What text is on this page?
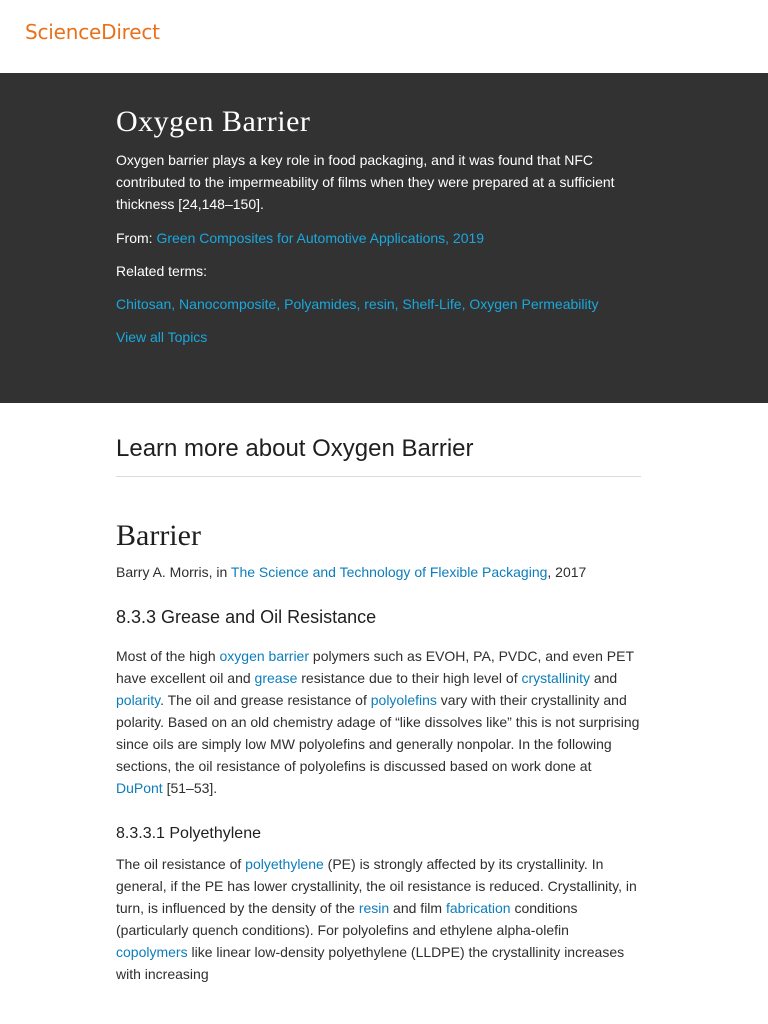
ScienceDirect
Oxygen Barrier

Oxygen barrier plays a key role in food packaging, and it was found that NFC contributed to the impermeability of films when they were prepared at a sufficient thickness [24,148–150].

From: Green Composites for Automotive Applications, 2019

Related terms:

Chitosan, Nanocomposite, Polyamides, resin, Shelf-Life, Oxygen Permeability

View all Topics

Learn more about Oxygen Barrier
Barrier

Barry A. Morris, in The Science and Technology of Flexible Packaging, 2017

8.3.3 Grease and Oil Resistance

Most of the high oxygen barrier polymers such as EVOH, PA, PVDC, and even PET have excellent oil and grease resistance due to their high level of crystallinity and polarity. The oil and grease resistance of polyolefins vary with their crystallinity and polarity. Based on an old chemistry adage of “like dissolves like” this is not surprising since oils are simply low MW polyolefins and generally nonpolar. In the following sections, the oil resistance of polyolefins is discussed based on work done at DuPont [51–53].

8.3.3.1 Polyethylene

The oil resistance of polyethylene (PE) is strongly affected by its crystallinity. In general, if the PE has lower crystallinity, the oil resistance is reduced. Crystallinity, in turn, is influenced by the density of the resin and film fabrication conditions (particularly quench conditions). For polyolefins and ethylene alpha-olefin copolymers like linear low-density polyethylene (LLDPE) the crystallinity increases with increasing
